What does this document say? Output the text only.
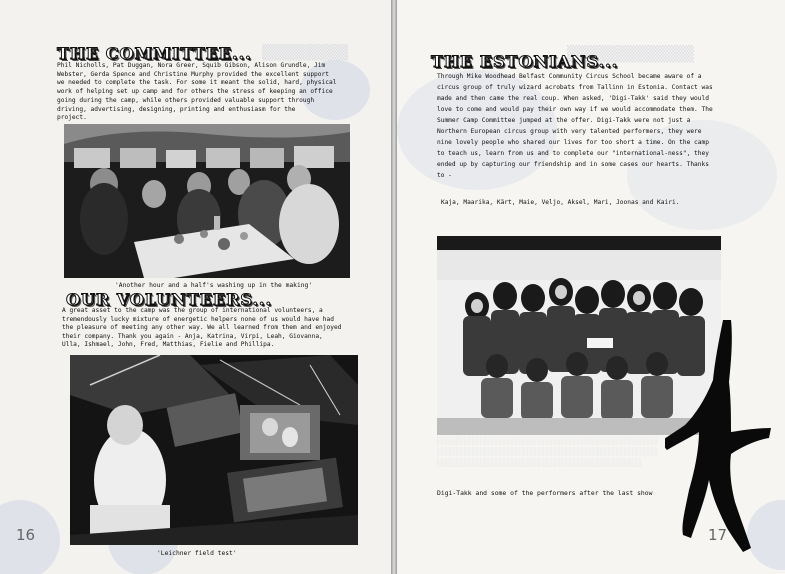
▒▒▒▒▒▒▒▒
THE COMMITTEE...

Phil Nicholls, Pat Duggan, Nora Greer, Squib Gibson, Alison Grundle, Jim
Webster, Gerda Spence and Christine Murphy provided the excellent support
we needed to complete the task. For some it meant the solid, hard, physical
work of helping set up camp and for others the stress of keeping an office
going during the camp, while others provided valuable support through
driving, advertising, designing, printing and enthusiasm for the
project.

'Another hour and a half's washing up in the making'

OUR VOLUNTEERS...

A great asset to the camp was the group of international volunteers, a
tremendously lucky mixture of energetic helpers none of us would have had
the pleasure of meeting any other way. We all learned from them and enjoyed
their company. Thank you again - Anja, Katrina, Virpi, Leah, Giovanna,
Ulla, Ishmael, John, Fred, Matthias, Fielie and Phillipa.

'Leichner field test'

16
▒▒▒▒▒▒▒▒▒▒▒
░░░░░░░░░░░░░░░░░░░░░░░░░░░░░░░░░░░░░░░░░
░░░░░░░░░░░░░░░░░░░░░░░░░░░░░░░░░░░░░░░░░
░░░░░░░░░░░░░░░░░░░░░░░░░░░░░░░░░░░░░░
THE ESTONIANS...

Through Mike Woodhead Belfast Community Circus School became aware of a
circus group of truly wizard acrobats from Tallinn in Estonia. Contact was
made and then came the real coup. When asked, 'Digi-Takk' said they would
love to come and would pay their own way if we would accommodate them. The
Summer Camp Committee jumped at the offer. Digi-Takk were not just a
Northern European circus group with very talented performers, they were
nine lovely people who shared our lives for too short a time. On the camp
to teach us, learn from us and to complete our "international-ness", they
ended up by capturing our friendship and in some cases our hearts. Thanks
to -

Kajа, Maarika, Kärt, Maie, Veljo, Aksel, Mari, Joonas and Kairi.

Digi-Takk and some of the performers after the last show

17
